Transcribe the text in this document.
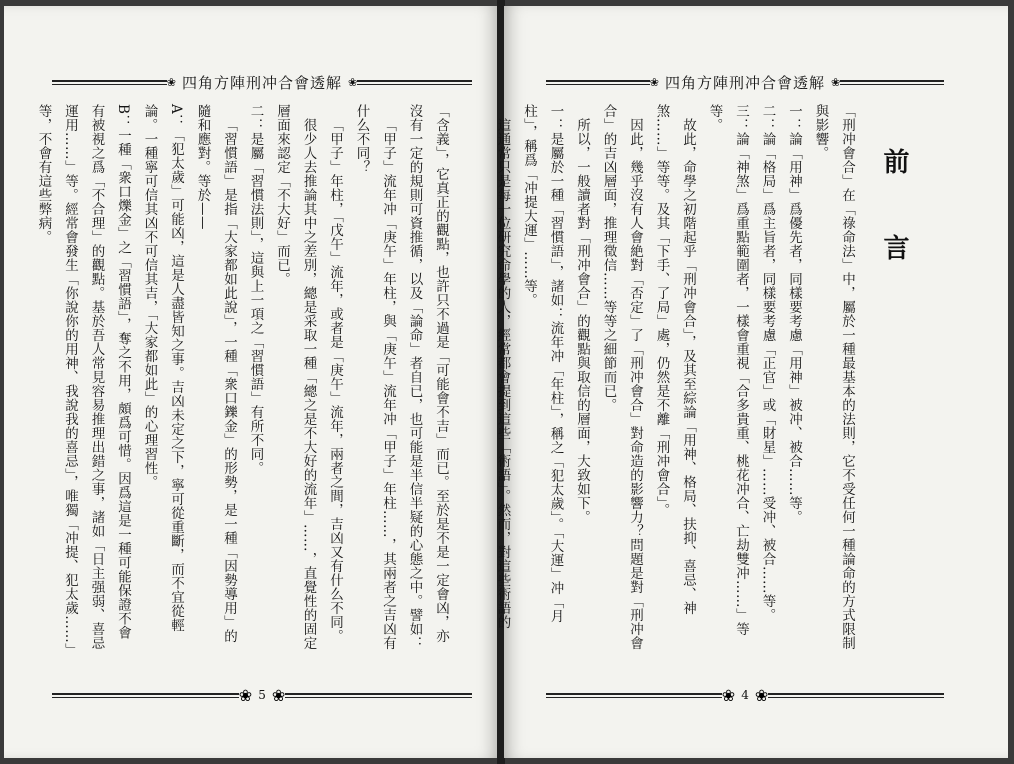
❀ 四角方陣刑冲合會透解 ❀

「含義」，它真正的觀點，也許只不過是「可能會不吉」而已。至於是不是一定會凶，亦沒有一定的規則可資推循，以及「論命」者自已，也可能是半信半疑的心態之中。譬如：

「甲子」流年冲「庚午」年柱，與「庚午」流年冲「甲子」年柱……，其兩者之吉凶有什么不同？

「甲子」年柱，「戊午」流年，或者是「庚午」流年，兩者之間，吉凶又有什么不同。

很少人去推論其中之差別，總是采取一種「總之是不大好的流年」……，直覺性的固定層面來認定「不大好」而已。

二：是屬「習慣法則」，這與上一項之「習慣語」有所不同。

「習慣語」是指「大家都如此說」，一種「衆口鑠金」的形勢，是一種「因勢導用」的隨和應對。等於——

A：「犯太歲」可能凶，這是人盡皆知之事。吉凶未定之下，寧可從重斷，而不宜從輕論。一種寧可信其凶不可信其吉，「大家都如此」的心理習性。

B：一種「衆口爍金」之「習慣語」，奪之不用，頗爲可惜。因爲這是一種可能保證不會有被視之爲「不合理」的觀點。基於吾人常見容易推理出錯之事，諸如「日主强弱、喜忌運用……」等。經常會發生「你說你的用神、我說我的喜忌」，唯獨「冲提、犯太歲……」等，不會有這些弊病。

❀ 5 ❀
❀ 四角方陣刑冲合會透解 ❀
前言

「刑冲會合」在「祿命法」中，屬於一種最基本的法則，它不受任何一種論命的方式限制與影響。

一：論「用神」爲優先者，同樣要考慮「用神」被冲、被合……等。

二：論「格局」爲主旨者，同樣要考慮「正官」或「財星」……受冲、被合……等。

三：論「神煞」爲重點範圍者，一樣會重視「合多貴重、桃花冲合、亡劫雙冲……」等等。

故此，命學之初階起乎「刑冲會合」，及其至綜論「用神、格局、扶抑、喜忌、神煞……」等等。及其「下手、了局」處，仍然是不離「刑冲會合」。

因此，幾乎沒有人會絶對「否定」了「刑冲會合」對命造的影響力？問題是對「刑冲會合」的吉凶層面，推理徵信……等等之細節而已。

所以，一般讀者對「刑冲會合」的觀點與取信的層面，大致如下。

一：是屬於一種「習慣語」，諸如：流年冲「年柱」，稱之「犯太歲」。「大運」冲「月柱」，稱爲「冲提大運」……等。

這通常只是每一位研究命學的人，經常都會提到這些「術語」。然而，對這些術語的

❀ 4 ❀
